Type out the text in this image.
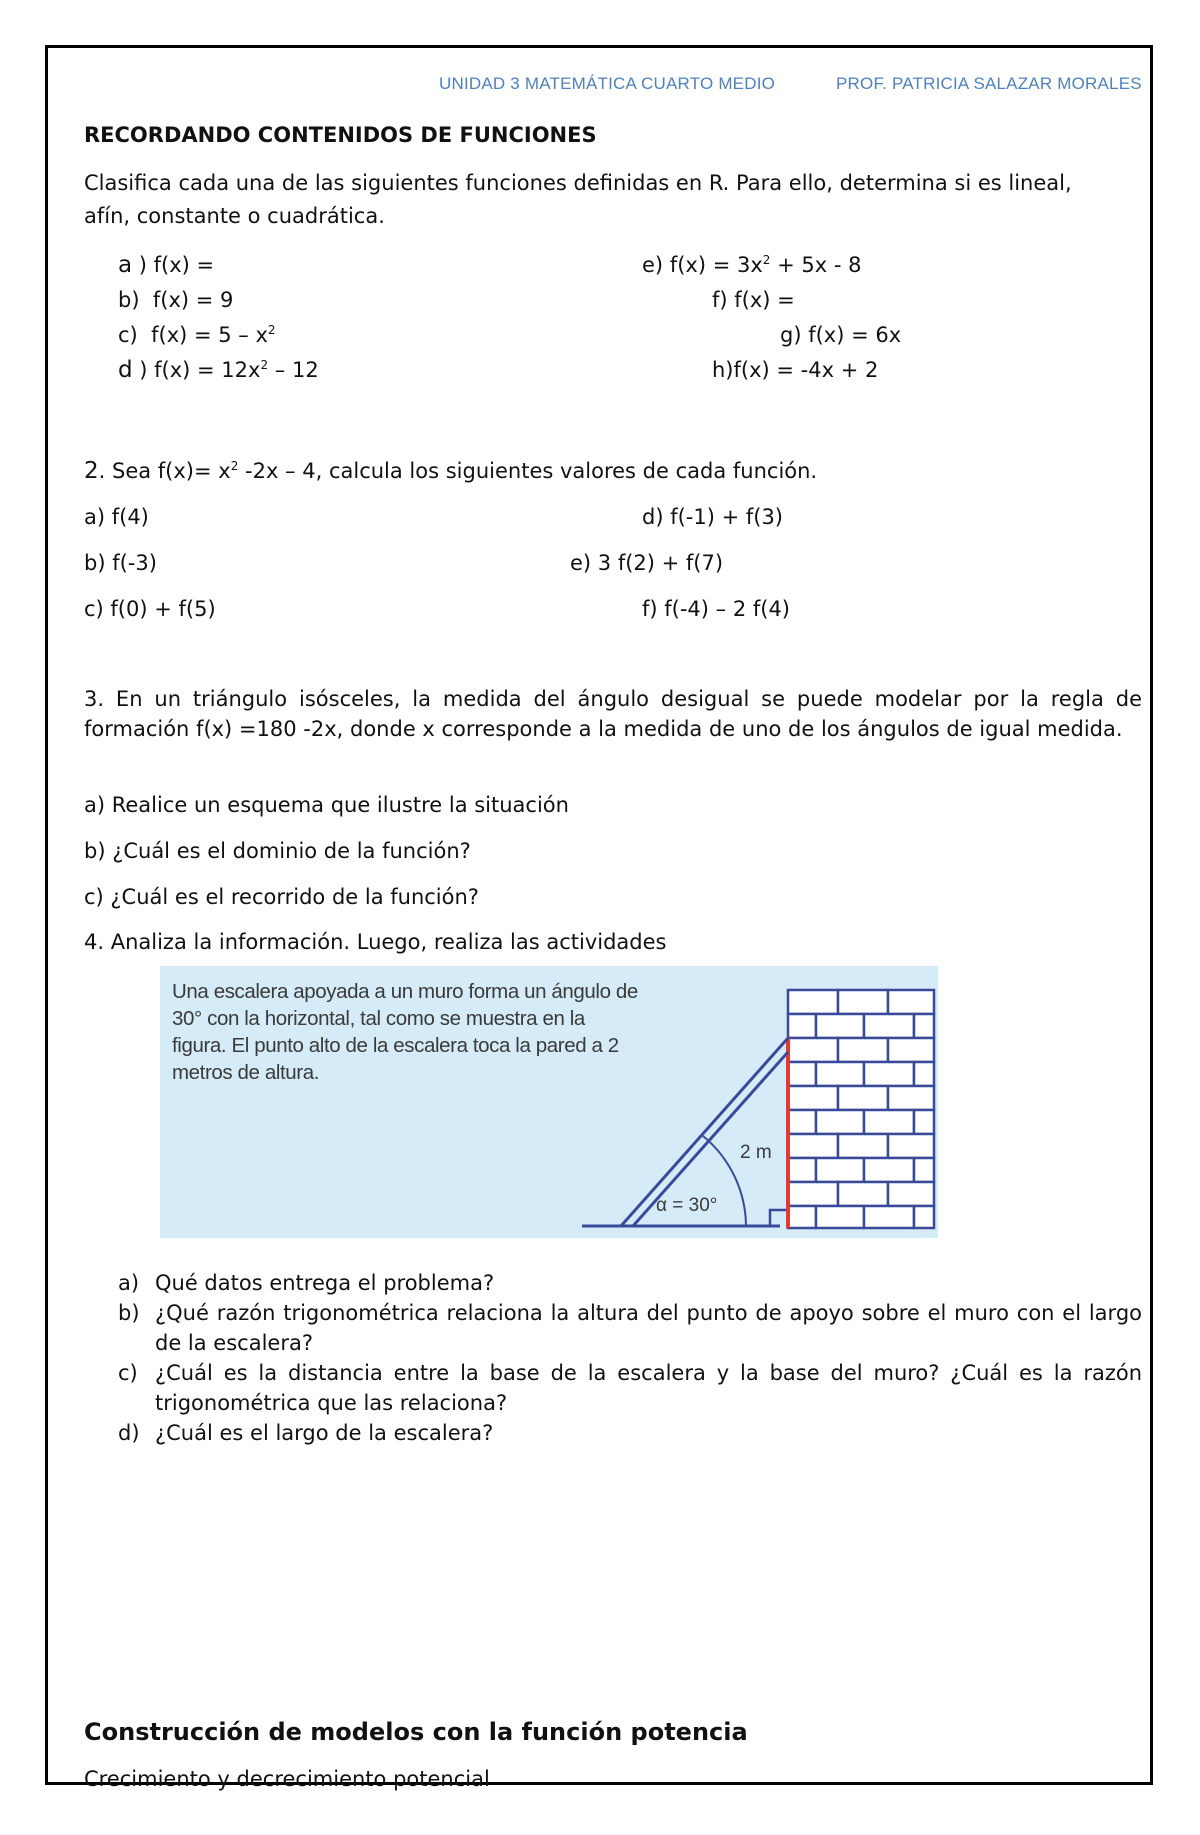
UNIDAD 3 MATEMÁTICA CUARTO MEDIO	PROF. PATRICIA SALAZAR MORALES
RECORDANDO CONTENIDOS DE FUNCIONES
Clasifica cada una de las siguientes funciones definidas en R. Para ello, determina si es lineal, afín, constante o cuadrática.
a ) f(x) =
b) f(x) = 9
c) $f(x) = 5 - x^2$
d ) $f(x) = 12x^2 - 12$
e) $f(x) = 3x^2 + 5x - 8$
f) f(x) =
g) f(x) = 6x
h)f(x) = -4x + 2
2. Sea $f(x)= x^2$ -2x – 4, calcula los siguientes valores de cada función.
a) f(4)
b) f(-3)
c) f(0) + f(5)
d) f(-1) + f(3)
e) 3 f(2) + f(7)
f) f(-4) – 2 f(4)
3. En un triángulo isósceles, la medida del ángulo desigual se puede modelar por la regla de formación f(x) =180 -2x, donde x corresponde a la medida de uno de los ángulos de igual medida.
a) Realice un esquema que ilustre la situación
b) ¿Cuál es el dominio de la función?
c) ¿Cuál es el recorrido de la función?
4. Analiza la información. Luego, realiza las actividades
Una escalera apoyada a un muro forma un ángulo de 30° con la horizontal, tal como se muestra en la figura. El punto alto de la escalera toca la pared a 2 metros de altura.
α = 30°
2 m
a) Qué datos entrega el problema?
b) ¿Qué razón trigonométrica relaciona la altura del punto de apoyo sobre el muro con el largo de la escalera?
c) ¿Cuál es la distancia entre la base de la escalera y la base del muro? ¿Cuál es la razón trigonométrica que las relaciona?
d) ¿Cuál es el largo de la escalera?
Construcción de modelos con la función potencia
Crecimiento y decrecimiento potencial
